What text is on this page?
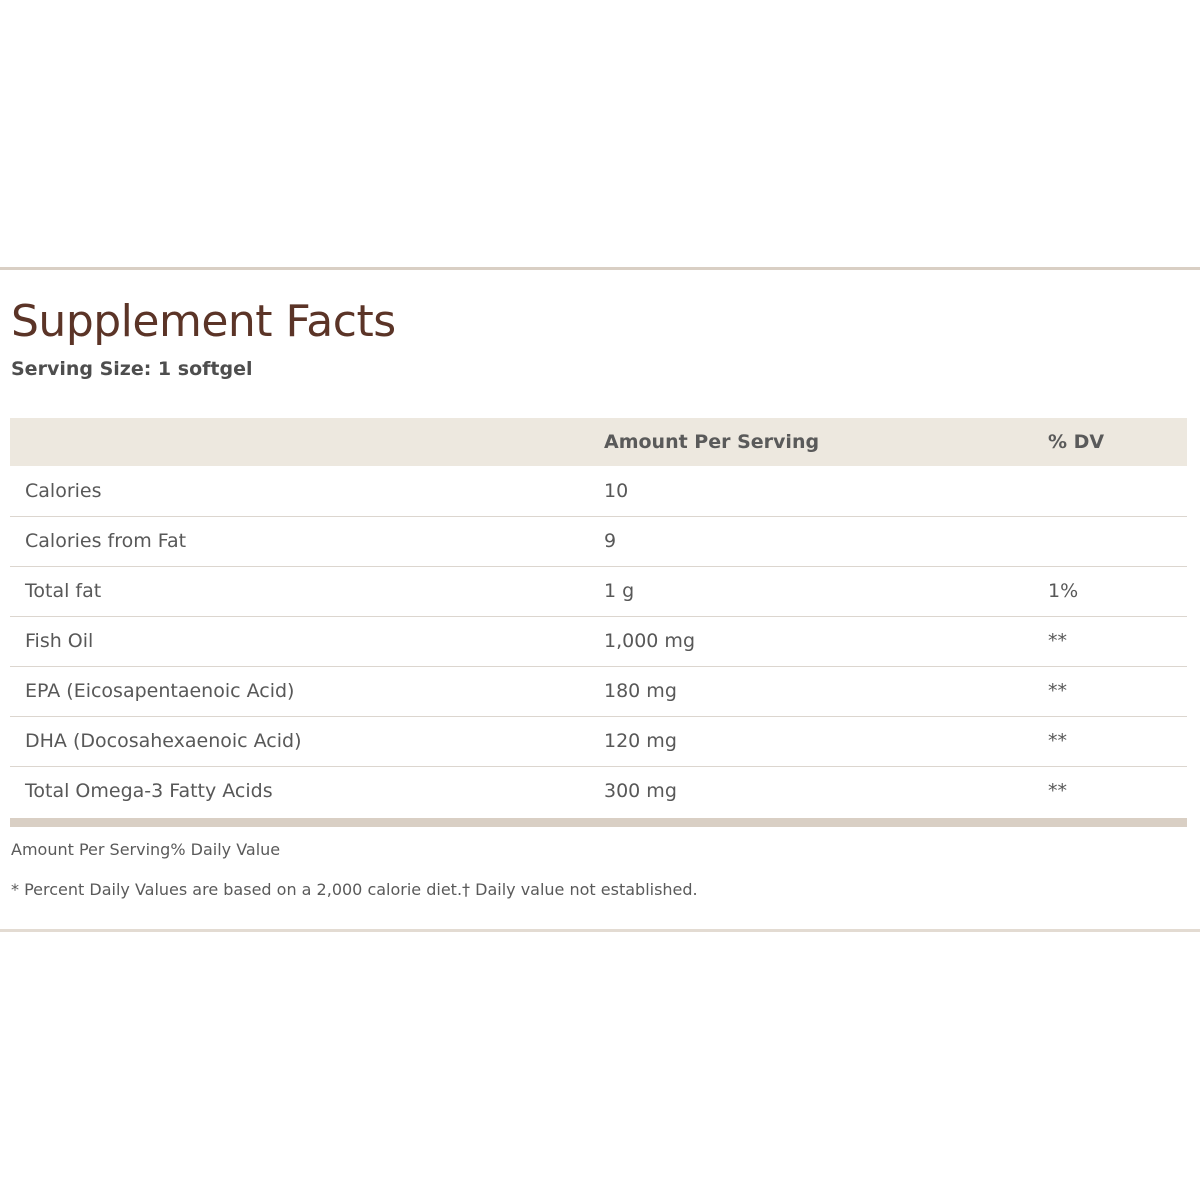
Supplement Facts
Serving Size: 1 softgel
	Amount Per Serving	% DV
Calories	10	
Calories from Fat	9	
Total fat	1 g	1%
Fish Oil	1,000 mg	**
EPA (Eicosapentaenoic Acid)	180 mg	**
DHA (Docosahexaenoic Acid)	120 mg	**
Total Omega-3 Fatty Acids	300 mg	**
Amount Per Serving% Daily Value
* Percent Daily Values are based on a 2,000 calorie diet.† Daily value not established.
